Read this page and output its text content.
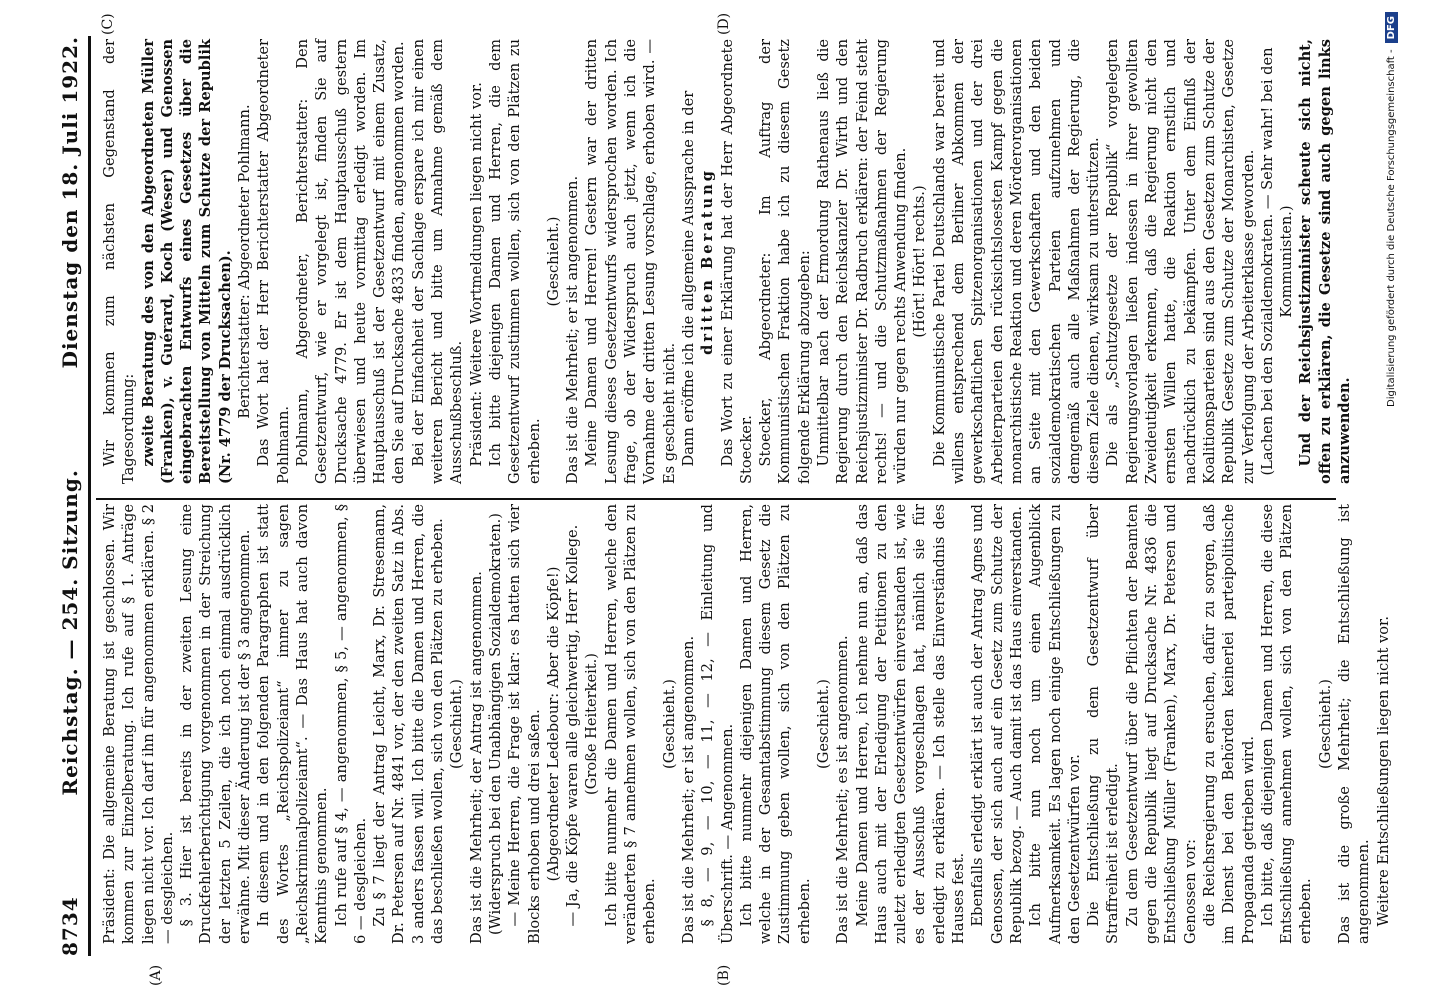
8734
Reichstag. — 254. Sitzung.
Dienstag den 18. Juli 1922.
(A)	(B)
(C)	(D)

Präsident: Die allgemeine Beratung ist geschlossen. Wir kommen zur Einzelberatung. Ich rufe auf § 1. Anträge liegen nicht vor. Ich darf ihn für angenommen erklären. § 2 — desgleichen. § 3. Hier ist bereits in der zweiten Lesung eine Druckfehlerberichtigung vorgenommen in der Streichung der letzten 5 Zeilen, die ich noch einmal ausdrücklich erwähne. Mit dieser Änderung ist der § 3 angenommen. In diesem und in den folgenden Paragraphen ist statt des Wortes „Reichspolizeiamt“ immer zu sagen „Reichskriminalpolizeiamt“. — Das Haus hat auch davon Kenntnis genommen. Ich rufe auf § 4, — angenommen, § 5, — angenommen, § 6 — desgleichen. Zu § 7 liegt der Antrag Leicht, Marx, Dr. Stresemann, Dr. Petersen auf Nr. 4841 vor, der den zweiten Satz in Abs. 3 anders fassen will. Ich bitte die Damen und Herren, die das beschließen wollen, sich von den Plätzen zu erheben. (Geschieht.) Das ist die Mehrheit; der Antrag ist angenommen. (Widerspruch bei den Unabhängigen Sozialdemokraten.) — Meine Herren, die Frage ist klar: es hatten sich vier Blocks erhoben und drei saßen. (Abgeordneter Ledebour: Aber die Köpfe!) — Ja, die Köpfe waren alle gleichwertig, Herr Kollege. (Große Heiterkeit.) Ich bitte nunmehr die Damen und Herren, welche den veränderten § 7 annehmen wollen, sich von den Plätzen zu erheben.

(Geschieht.) Das ist die Mehrheit; er ist angenommen. § 8, — 9, — 10, — 11, — 12, — Einleitung und Überschrift. — Angenommen. Ich bitte nunmehr diejenigen Damen und Herren, welche in der Gesamtabstimmung diesem Gesetz die Zustimmung geben wollen, sich von den Plätzen zu erheben.

(Geschieht.) Das ist die Mehrheit; es ist angenommen. Meine Damen und Herren, ich nehme nun an, daß das Haus auch mit der Erledigung der Petitionen zu den zuletzt erledigten Gesetzentwürfen einverstanden ist, wie es der Ausschuß vorgeschlagen hat, nämlich sie für erledigt zu erklären. — Ich stelle das Einverständnis des Hauses fest. Ebenfalls erledigt erklärt ist auch der Antrag Agnes und Genossen, der sich auch auf ein Gesetz zum Schutze der Republik bezog. — Auch damit ist das Haus einverstanden. Ich bitte nun noch um einen Augenblick Aufmerksamkeit. Es lagen noch einige Entschließungen zu den Gesetzentwürfen vor. Die Entschließung zu dem Gesetzentwurf über Straffreiheit ist erledigt. Zu dem Gesetzentwurf über die Pflichten der Beamten gegen die Republik liegt auf Drucksache Nr. 4836 die Entschließung Müller (Franken), Marx, Dr. Petersen und Genossen vor: die Reichsregierung zu ersuchen, dafür zu sorgen, daß im Dienst bei den Behörden keinerlei parteipolitische Propaganda getrieben wird. Ich bitte, daß diejenigen Damen und Herren, die diese Entschließung annehmen wollen, sich von den Plätzen erheben.

(Geschieht.) Das ist die große Mehrheit; die Entschließung ist angenommen. Weitere Entschließungen liegen nicht vor.

Wir kommen zum nächsten Gegenstand der Tagesordnung: zweite Beratung des von den Abgeordneten Müller (Franken), v. Guérard, Koch (Weser) und Genossen eingebrachten Entwurfs eines Gesetzes über die Bereitstellung von Mitteln zum Schutze der Republik (Nr. 4779 der Drucksachen). Berichterstatter: Abgeordneter Pohlmann. Das Wort hat der Herr Berichterstatter Abgeordneter Pohlmann. Pohlmann, Abgeordneter, Berichterstatter: Den Gesetzentwurf, wie er vorgelegt ist, finden Sie auf Drucksache 4779. Er ist dem Hauptausschuß gestern überwiesen und heute vormittag erledigt worden. Im Hauptausschuß ist der Gesetzentwurf mit einem Zusatz, den Sie auf Drucksache 4833 finden, angenommen worden. Bei der Einfachheit der Sachlage erspare ich mir einen weiteren Bericht und bitte um Annahme gemäß dem Ausschußbeschluß. Präsident: Weitere Wortmeldungen liegen nicht vor. Ich bitte diejenigen Damen und Herren, die dem Gesetzentwurf zustimmen wollen, sich von den Plätzen zu erheben.

(Geschieht.) Das ist die Mehrheit; er ist angenommen. Meine Damen und Herren! Gestern war der dritten Lesung dieses Gesetzentwurfs widersprochen worden. Ich frage, ob der Widerspruch auch jetzt, wenn ich die Vornahme der dritten Lesung vorschlage, erhoben wird. — Es geschieht nicht. Dann eröffne ich die allgemeine Aussprache in der dritten Beratung Das Wort zu einer Erklärung hat der Herr Abgeordnete Stoecker. Stoecker, Abgeordneter: Im Auftrag der Kommunistischen Fraktion habe ich zu diesem Gesetz folgende Erklärung abzugeben: Unmittelbar nach der Ermordung Rathenaus ließ die Regierung durch den Reichskanzler Dr. Wirth und den Reichsjustizminister Dr. Radbruch erklären: der Feind steht rechts! — und die Schutzmaßnahmen der Regierung würden nur gegen rechts Anwendung finden. (Hört! Hört! rechts.) Die Kommunistische Partei Deutschlands war bereit und willens entsprechend dem Berliner Abkommen der gewerkschaftlichen Spitzenorganisationen und der drei Arbeiterparteien den rücksichtslosesten Kampf gegen die monarchistische Reaktion und deren Mörderorganisationen an Seite mit den Gewerkschaften und den beiden sozialdemokratischen Parteien aufzunehmen und demgemäß auch alle Maßnahmen der Regierung, die diesem Ziele dienen, wirksam zu unterstützen. Die als „Schutzgesetze der Republik“ vorgelegten Regierungsvorlagen ließen indessen in ihrer gewollten Zweideutigkeit erkennen, daß die Regierung nicht den ernsten Willen hatte, die Reaktion ernstlich und nachdrücklich zu bekämpfen. Unter dem Einfluß der Koalitionsparteien sind aus den Gesetzen zum Schutze der Republik Gesetze zum Schutze der Monarchisten, Gesetze zur Verfolgung der Arbeiterklasse geworden. (Lachen bei den Sozialdemokraten. — Sehr wahr! bei den Kommunisten.) Und der Reichsjustizminister scheute sich nicht, offen zu erklären, die Gesetze sind auch gegen links anzuwenden.

Digitalisierung gefördert durch die Deutsche Forschungsgemeinschaft -
DFG
